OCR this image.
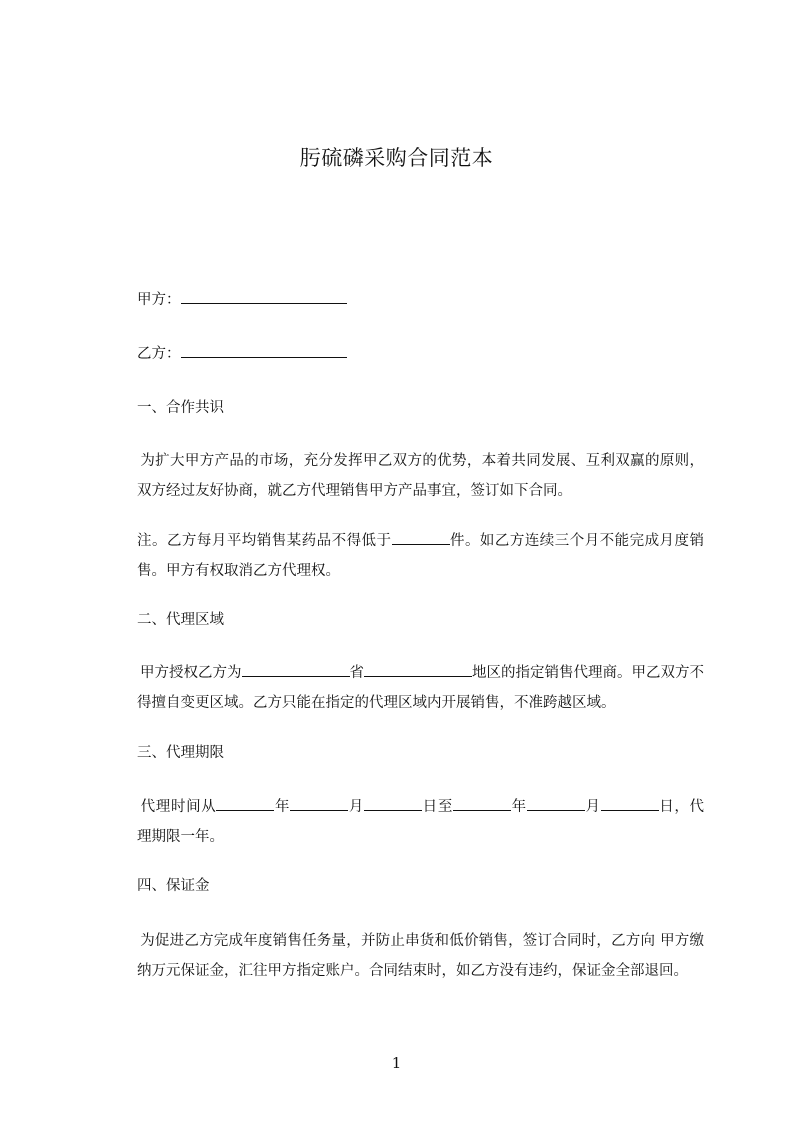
肟硫磷采购合同范本
甲方：
乙方：
一、合作共识
为扩大甲方产品的市场，充分发挥甲乙双方的优势，本着共同发展、互利双赢的原则，双方经过友好协商，就乙方代理销售甲方产品事宜，签订如下合同。
注。乙方每月平均销售某药品不得低于	件。如乙方连续三个月不能完成月度销售。甲方有权取消乙方代理权。
二、代理区域
甲方授权乙方为	省	地区的指定销售代理商。甲乙双方不得擅自变更区域。乙方只能在指定的代理区域内开展销售，不准跨越区域。
三、代理期限
代理时间从	年	月	日至	年	月	日，代理期限一年。
四、保证金
为促进乙方完成年度销售任务量，并防止串货和低价销售，签订合同时，乙方向 甲方缴纳万元保证金，汇往甲方指定账户。合同结束时，如乙方没有违约，保证金全部退回。
1
